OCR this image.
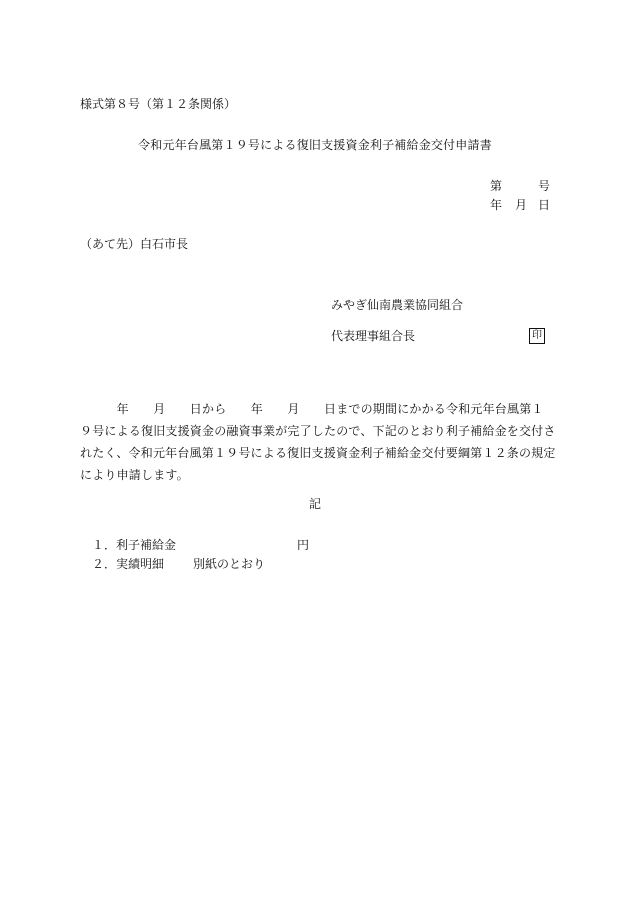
様式第８号（第１２条関係）
令和元年台風第１９号による復旧支援資金利子補給金交付申請書
第	号
年 月 日
（あて先）白石市長
みやぎ仙南農業協同組合
代表理事組合長	印
　　　年　　月　　日から　　年　　月　　日までの期間にかかる令和元年台風第１
９号による復旧支援資金の融資事業が完了したので、下記のとおり利子補給金を交付さ
れたく、令和元年台風第１９号による復旧支援資金利子補給金交付要綱第１２条の規定
により申請します。
記
１．利子補給金	円
２．実績明細 別紙のとおり
